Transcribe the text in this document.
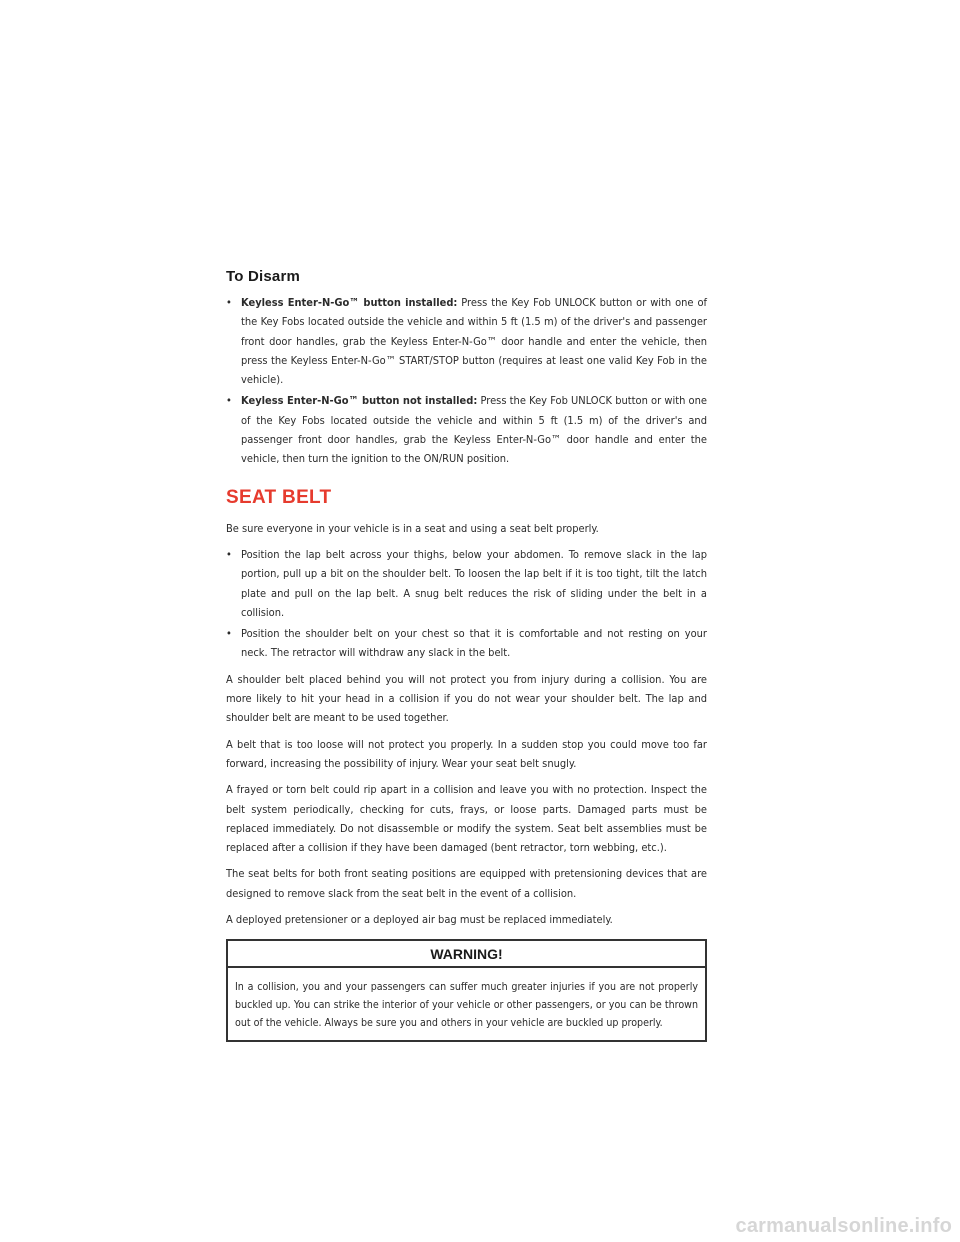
To Disarm
• Keyless Enter-N-Go™ button installed: Press the Key Fob UNLOCK button or with one of the Key Fobs located outside the vehicle and within 5 ft (1.5 m) of the driver's and passenger front door handles, grab the Keyless Enter-N-Go™ door handle and enter the vehicle, then press the Keyless Enter-N-Go™ START/STOP button (requires at least one valid Key Fob in the vehicle).
• Keyless Enter-N-Go™ button not installed: Press the Key Fob UNLOCK button or with one of the Key Fobs located outside the vehicle and within 5 ft (1.5 m) of the driver's and passenger front door handles, grab the Keyless Enter-N-Go™ door handle and enter the vehicle, then turn the ignition to the ON/RUN position.
SEAT BELT

Be sure everyone in your vehicle is in a seat and using a seat belt properly.

• Position the lap belt across your thighs, below your abdomen. To remove slack in the lap portion, pull up a bit on the shoulder belt. To loosen the lap belt if it is too tight, tilt the latch plate and pull on the lap belt. A snug belt reduces the risk of sliding under the belt in a collision.
• Position the shoulder belt on your chest so that it is comfortable and not resting on your neck. The retractor will withdraw any slack in the belt.

A shoulder belt placed behind you will not protect you from injury during a collision. You are more likely to hit your head in a collision if you do not wear your shoulder belt. The lap and shoulder belt are meant to be used together.

A belt that is too loose will not protect you properly. In a sudden stop you could move too far forward, increasing the possibility of injury. Wear your seat belt snugly.

A frayed or torn belt could rip apart in a collision and leave you with no protection. Inspect the belt system periodically, checking for cuts, frays, or loose parts. Damaged parts must be replaced immediately. Do not disassemble or modify the system. Seat belt assemblies must be replaced after a collision if they have been damaged (bent retractor, torn webbing, etc.).

The seat belts for both front seating positions are equipped with pretensioning devices that are designed to remove slack from the seat belt in the event of a collision.

A deployed pretensioner or a deployed air bag must be replaced immediately.

WARNING!
In a collision, you and your passengers can suffer much greater injuries if you are not properly buckled up. You can strike the interior of your vehicle or other passengers, or you can be thrown out of the vehicle. Always be sure you and others in your vehicle are buckled up properly.
carmanualsonline.info
